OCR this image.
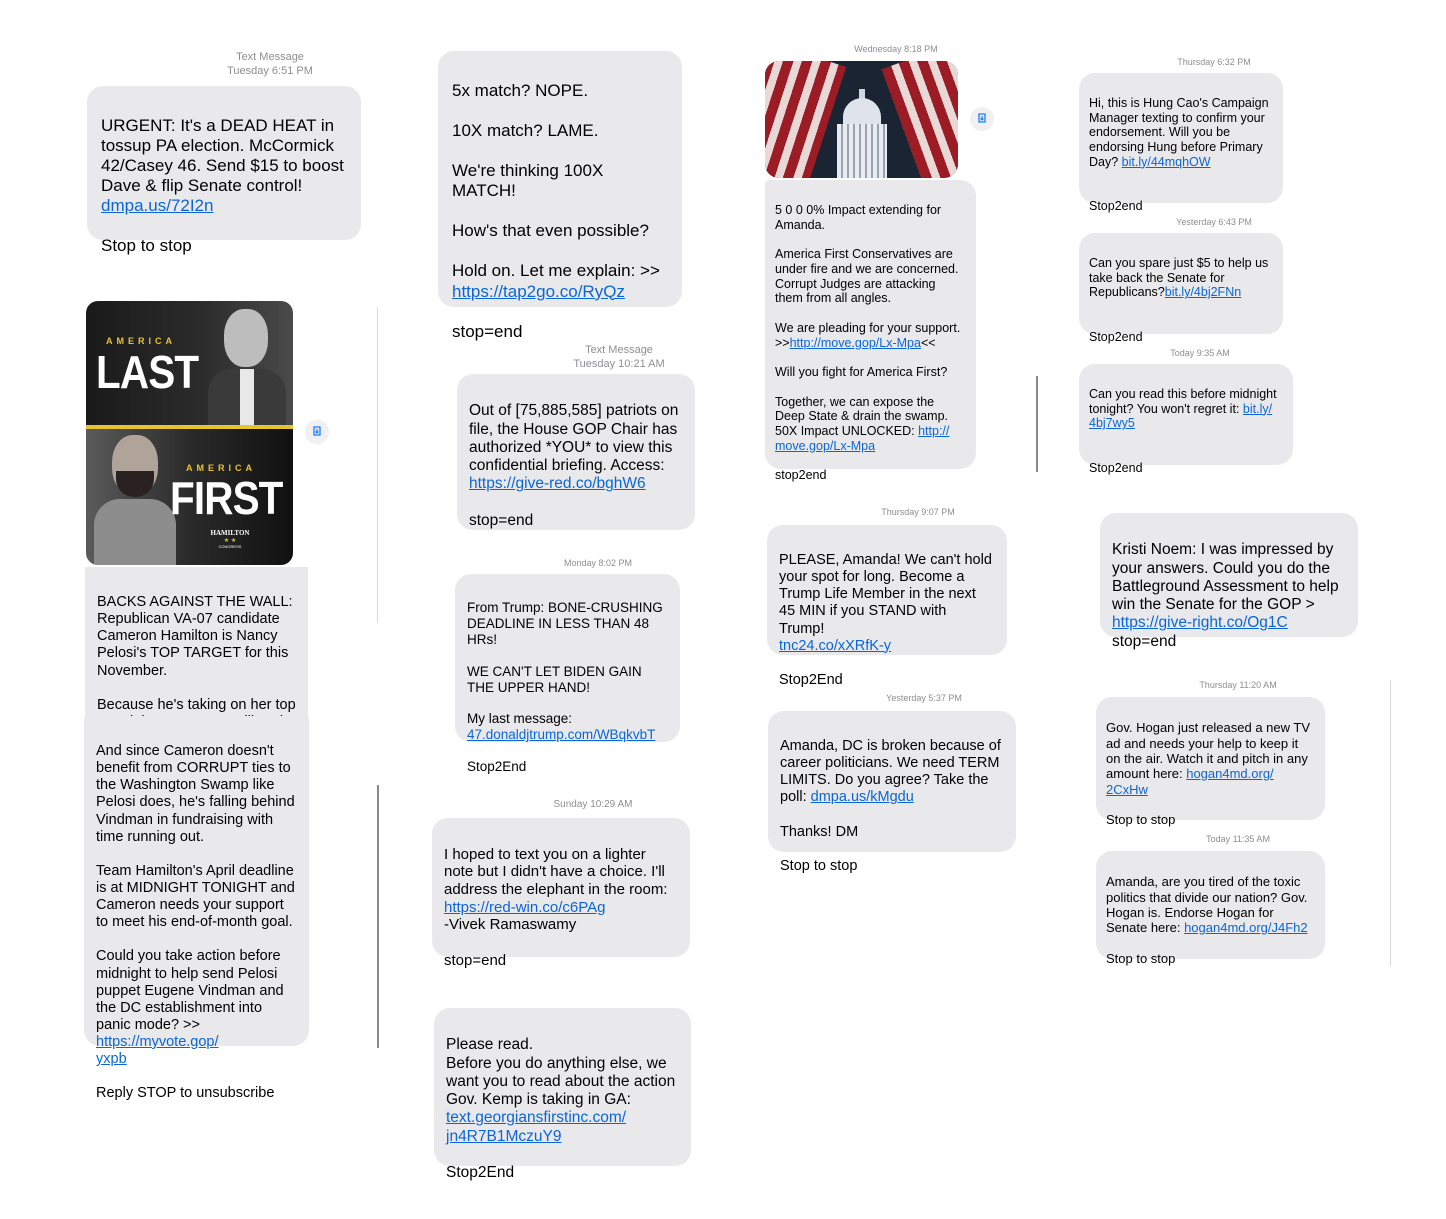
Text Message
Tuesday 6:51 PM

URGENT: It's a DEAD HEAT in tossup PA election. McCormick 42/Casey 46. Send $15 to boost Dave & flip Senate control!
dmpa.us/72I2n

Stop to stop

AMERICA
LAST
AMERICA
FIRST
HAMILTON
★ ★
CONGRESS

BACKS AGAINST THE WALL: Republican VA-07 candidate Cameron Hamilton is Nancy Pelosi's TOP TARGET for this November.

Because he's taking on her top

And since Cameron doesn't benefit from CORRUPT ties to the Washington Swamp like Pelosi does, he's falling behind Vindman in fundraising with time running out.

Team Hamilton's April deadline is at MIDNIGHT TONIGHT and Cameron needs your support to meet his end-of-month goal.

Could you take action before midnight to help send Pelosi puppet Eugene Vindman and the DC establishment into panic mode? >> https://myvote.gop/
yxpb

Reply STOP to unsubscribe

5x match? NOPE.

10X match? LAME.

We're thinking 100X MATCH!

How's that even possible?

Hold on. Let me explain: >>
https://tap2go.co/RyQz

stop=end

Text Message
Tuesday 10:21 AM

Out of [75,885,585] patriots on file, the House GOP Chair has authorized *YOU* to view this confidential briefing. Access:
https://give-red.co/bghW6

stop=end

Monday 8:02 PM

From Trump: BONE-CRUSHING DEADLINE IN LESS THAN 48 HRs!

WE CAN'T LET BIDEN GAIN THE UPPER HAND!

My last message:
47.donaldjtrump.com/WBqkvbT

Stop2End

Sunday 10:29 AM

I hoped to text you on a lighter note but I didn't have a choice. I'll address the elephant in the room:
https://red-win.co/c6PAg
-Vivek Ramaswamy

stop=end

Please read.
Before you do anything else, we want you to read about the action Gov. Kemp is taking in GA:
text.georgiansfirstinc.com/
jn4R7B1MczuY9

Stop2End

Wednesday 8:18 PM

5 0 0 0% Impact extending for Amanda.

America First Conservatives are under fire and we are concerned. Corrupt Judges are attacking them from all angles.

We are pleading for your support.
>>http://move.gop/Lx-Mpa<<

Will you fight for America First?

Together, we can expose the Deep State & drain the swamp. 50X Impact UNLOCKED: http://
move.gop/Lx-Mpa

stop2end

Thursday 9:07 PM

PLEASE, Amanda! We can't hold your spot for long. Become a Trump Life Member in the next 45 MIN if you STAND with Trump!
tnc24.co/xXRfK-y

Stop2End

Yesterday 5:37 PM

Amanda, DC is broken because of career politicians. We need TERM LIMITS. Do you agree? Take the poll: dmpa.us/kMgdu

Thanks! DM

Stop to stop

Thursday 6:32 PM

Hi, this is Hung Cao's Campaign Manager texting to confirm your endorsement. Will you be endorsing Hung before Primary Day? bit.ly/44mqhOW

Stop2end

Yesterday 6:43 PM

Can you spare just $5 to help us take back the Senate for Republicans?bit.ly/4bj2FNn

Stop2end

Today 9:35 AM

Can you read this before midnight tonight? You won't regret it: bit.ly/
4bj7wy5

Stop2end

Kristi Noem: I was impressed by your answers. Could you do the Battleground Assessment to help win the Senate for the GOP >
https://give-right.co/Og1C
stop=end

Thursday 11:20 AM

Gov. Hogan just released a new TV ad and needs your help to keep it on the air. Watch it and pitch in any amount here: hogan4md.org/
2CxHw

Stop to stop

Today 11:35 AM

Amanda, are you tired of the toxic politics that divide our nation? Gov. Hogan is. Endorse Hogan for Senate here: hogan4md.org/J4Fh2

Stop to stop
